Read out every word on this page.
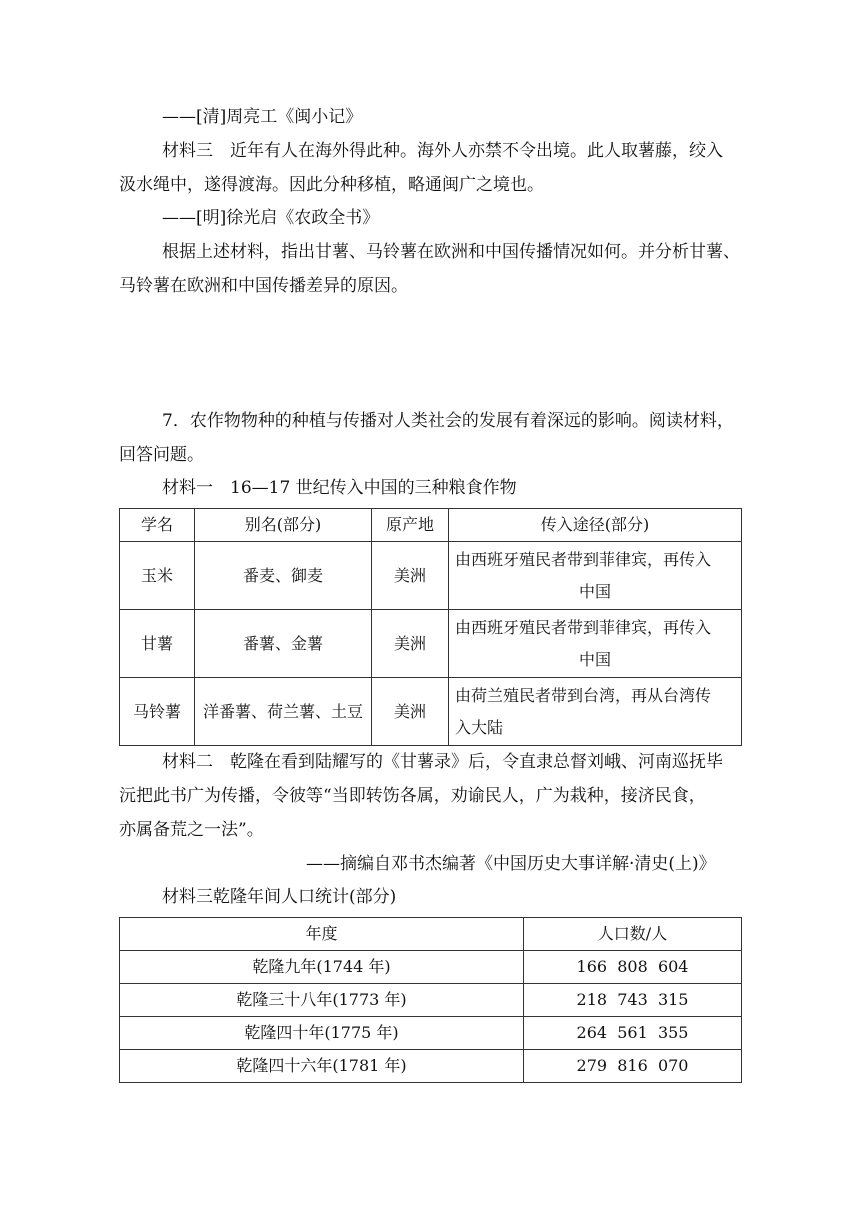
——[清]周亮工《闽小记》
材料三　近年有人在海外得此种。海外人亦禁不令出境。此人取薯藤，绞入
汲水绳中，遂得渡海。因此分种移植，略通闽广之境也。
——[明]徐光启《农政全书》
根据上述材料，指出甘薯、马铃薯在欧洲和中国传播情况如何。并分析甘薯、
马铃薯在欧洲和中国传播差异的原因。
7．农作物物种的种植与传播对人类社会的发展有着深远的影响。阅读材料，
回答问题。
材料一　16—17 世纪传入中国的三种粮食作物
学名	别名(部分)	原产地	传入途径(部分)
玉米	番麦、御麦	美洲	由西班牙殖民者带到菲律宾，再传入
中国

甘薯	番薯、金薯	美洲	由西班牙殖民者带到菲律宾，再传入
中国

马铃薯	洋番薯、荷兰薯、土豆	美洲	由荷兰殖民者带到台湾，再从台湾传
入大陆
材料二　乾隆在看到陆耀写的《甘薯录》后，令直隶总督刘峨、河南巡抚毕
沅把此书广为传播，令彼等“当即转饬各属，劝谕民人，广为栽种，接济民食，
亦属备荒之一法”。
——摘编自邓书杰编著《中国历史大事详解·清史(上)》
材料三乾隆年间人口统计(部分)
年度	人口数/人
乾隆九年(1744 年)	166  808  604
乾隆三十八年(1773 年)	218  743  315
乾隆四十年(1775 年)	264  561  355
乾隆四十六年(1781 年)	279  816  070
